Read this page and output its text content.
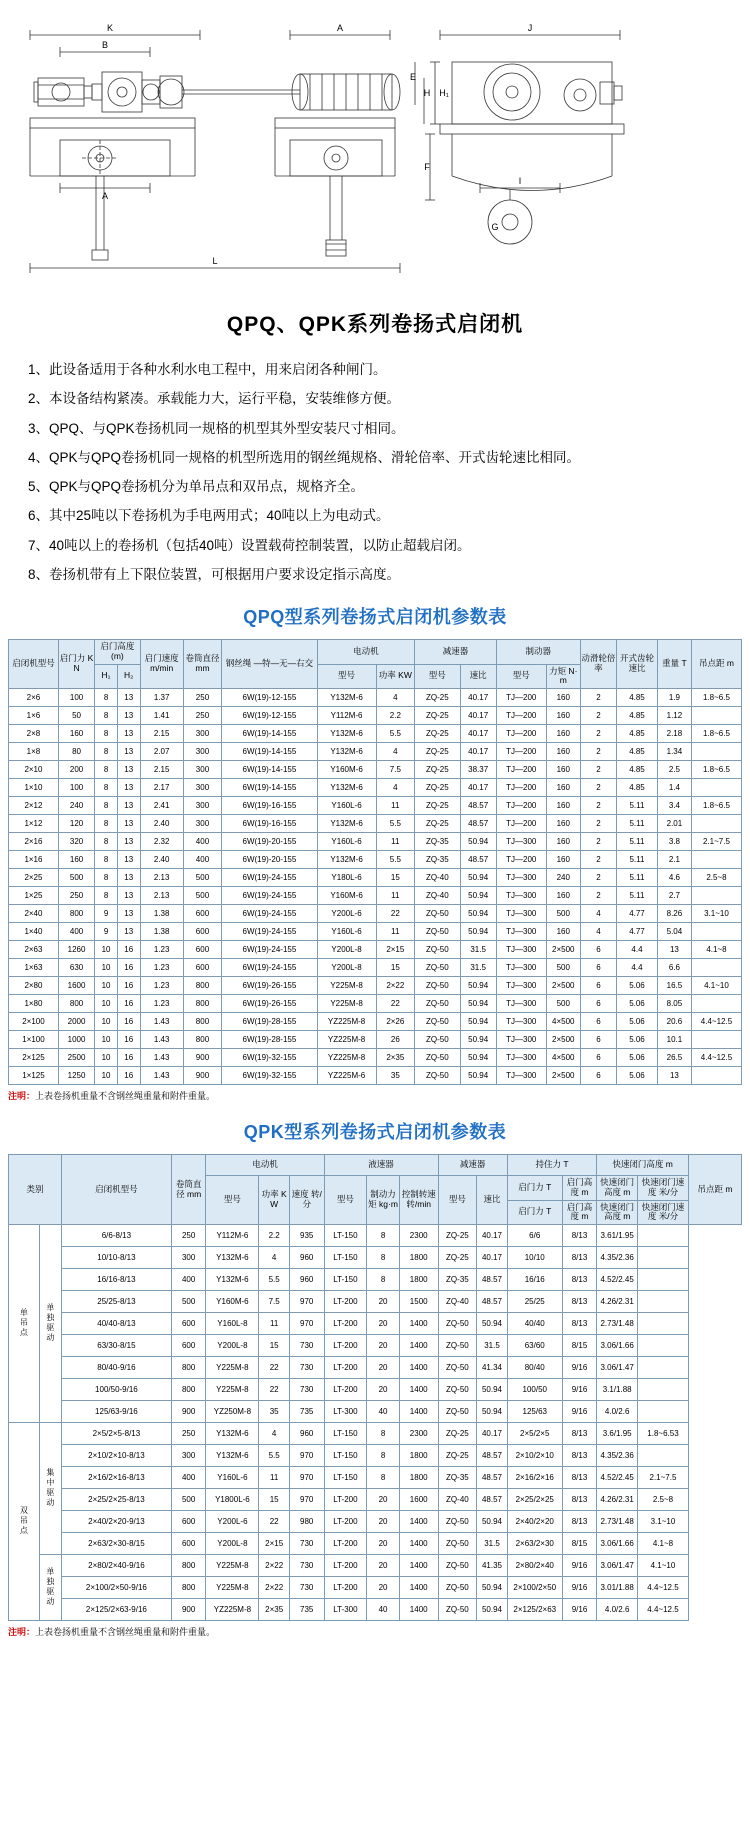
K
B
A
A
L
J
H H₁
E
F
G
I
QPQ、QPK系列卷扬式启闭机

1、此设备适用于各种水利水电工程中，用来启闭各种闸门。

2、本设备结构紧凑。承载能力大，运行平稳，安装维修方便。

3、QPQ、与QPK卷扬机同一规格的机型其外型安装尺寸相同。

4、QPK与QPQ卷扬机同一规格的机型所选用的钢丝绳规格、滑轮倍率、开式齿轮速比相同。

5、QPK与QPQ卷扬机分为单吊点和双吊点，规格齐全。

6、其中25吨以下卷扬机为手电两用式；40吨以上为电动式。

7、40吨以上的卷扬机（包括40吨）设置载荷控制装置，以防止超载启闭。

8、卷扬机带有上下限位装置，可根据用户要求设定指示高度。

QPQ型系列卷扬式启闭机参数表
启闭机型号	启门力 KN	启门高度 (m)		启门速度 m/min	卷筒直径 mm	钢丝绳 —特—无—右交	电动机		减速器		制动器		动滑轮倍率	开式齿轮速比	重量 T	吊点距 m
		H₁	H₂				型号	功率 KW	型号	速比	型号	力矩 N·m				
2×6	100	8	13	1.37	250	6W(19)-12-155	Y132M-6	4	ZQ-25	40.17	TJ—200	160	2	4.85	1.9	1.8~6.5
1×6	50	8	13	1.41	250	6W(19)-12-155	Y112M-6	2.2	ZQ-25	40.17	TJ—200	160	2	4.85	1.12	
2×8	160	8	13	2.15	300	6W(19)-14-155	Y132M-6	5.5	ZQ-25	40.17	TJ—200	160	2	4.85	2.18	1.8~6.5
1×8	80	8	13	2.07	300	6W(19)-14-155	Y132M-6	4	ZQ-25	40.17	TJ—200	160	2	4.85	1.34	
2×10	200	8	13	2.15	300	6W(19)-14-155	Y160M-6	7.5	ZQ-25	38.37	TJ—200	160	2	4.85	2.5	1.8~6.5
1×10	100	8	13	2.17	300	6W(19)-14-155	Y132M-6	4	ZQ-25	40.17	TJ—200	160	2	4.85	1.4	
2×12	240	8	13	2.41	300	6W(19)-16-155	Y160L-6	11	ZQ-25	48.57	TJ—200	160	2	5.11	3.4	1.8~6.5
1×12	120	8	13	2.40	300	6W(19)-16-155	Y132M-6	5.5	ZQ-25	48.57	TJ—200	160	2	5.11	2.01	
2×16	320	8	13	2.32	400	6W(19)-20-155	Y160L-6	11	ZQ-35	50.94	TJ—300	160	2	5.11	3.8	2.1~7.5
1×16	160	8	13	2.40	400	6W(19)-20-155	Y132M-6	5.5	ZQ-35	48.57	TJ—200	160	2	5.11	2.1	
2×25	500	8	13	2.13	500	6W(19)-24-155	Y180L-6	15	ZQ-40	50.94	TJ—300	240	2	5.11	4.6	2.5~8
1×25	250	8	13	2.13	500	6W(19)-24-155	Y160M-6	11	ZQ-40	50.94	TJ—300	160	2	5.11	2.7	
2×40	800	9	13	1.38	600	6W(19)-24-155	Y200L-6	22	ZQ-50	50.94	TJ—300	500	4	4.77	8.26	3.1~10
1×40	400	9	13	1.38	600	6W(19)-24-155	Y160L-6	11	ZQ-50	50.94	TJ—300	160	4	4.77	5.04	
2×63	1260	10	16	1.23	600	6W(19)-24-155	Y200L-8	2×15	ZQ-50	31.5	TJ—300	2×500	6	4.4	13	4.1~8
1×63	630	10	16	1.23	600	6W(19)-24-155	Y200L-8	15	ZQ-50	31.5	TJ—300	500	6	4.4	6.6	
2×80	1600	10	16	1.23	800	6W(19)-26-155	Y225M-8	2×22	ZQ-50	50.94	TJ—300	2×500	6	5.06	16.5	4.1~10
1×80	800	10	16	1.23	800	6W(19)-26-155	Y225M-8	22	ZQ-50	50.94	TJ—300	500	6	5.06	8.05	
2×100	2000	10	16	1.43	800	6W(19)-28-155	YZ225M-8	2×26	ZQ-50	50.94	TJ—300	4×500	6	5.06	20.6	4.4~12.5
1×100	1000	10	16	1.43	800	6W(19)-28-155	YZ225M-8	26	ZQ-50	50.94	TJ—300	2×500	6	5.06	10.1	
2×125	2500	10	16	1.43	900	6W(19)-32-155	YZ225M-8	2×35	ZQ-50	50.94	TJ—300	4×500	6	5.06	26.5	4.4~12.5
1×125	1250	10	16	1.43	900	6W(19)-32-155	YZ225M-6	35	ZQ-50	50.94	TJ—300	2×500	6	5.06	13	
注明：上表卷扬机重量不含钢丝绳重量和附件重量。
QPK型系列卷扬式启闭机参数表
类别		启闭机型号	卷筒直径 mm	电动机			液速器			减速器		持住力 T		快速闭门高度 m		吊点距 m
				型号	功率 KW	速度 转/分	型号	制动力矩 kg·m	控制转速 转/min	型号	速比	启门力 T	启门高度 m	快速闭门高度 m	快速闭门速度 米/分	
												启门力 T	启门高度 m	快速闭门高度 m	快速闭门速度 米/分	
单吊点	单独驱动	6/6-8/13	250	Y112M-6	2.2	935	LT-150	8	2300	ZQ-25	40.17	6/6	8/13	3.61/1.95		
		10/10-8/13	300	Y132M-6	4	960	LT-150	8	1800	ZQ-25	40.17	10/10	8/13	4.35/2.36		
		16/16-8/13	400	Y132M-6	5.5	960	LT-150	8	1800	ZQ-35	48.57	16/16	8/13	4.52/2.45		
		25/25-8/13	500	Y160M-6	7.5	970	LT-200	20	1500	ZQ-40	48.57	25/25	8/13	4.26/2.31		
		40/40-8/13	600	Y160L-8	11	970	LT-200	20	1400	ZQ-50	50.94	40/40	8/13	2.73/1.48		
		63/30-8/15	600	Y200L-8	15	730	LT-200	20	1400	ZQ-50	31.5	63/60	8/15	3.06/1.66		
		80/40-9/16	800	Y225M-8	22	730	LT-200	20	1400	ZQ-50	41.34	80/40	9/16	3.06/1.47		
		100/50-9/16	800	Y225M-8	22	730	LT-200	20	1400	ZQ-50	50.94	100/50	9/16	3.1/1.88		
		125/63-9/16	900	YZ250M-8	35	735	LT-300	40	1400	ZQ-50	50.94	125/63	9/16	4.0/2.6		
双吊点	集中驱动	2×5/2×5-8/13	250	Y132M-6	4	960	LT-150	8	2300	ZQ-25	40.17	2×5/2×5	8/13	3.6/1.95	1.8~6.53	
		2×10/2×10-8/13	300	Y132M-6	5.5	970	LT-150	8	1800	ZQ-25	48.57	2×10/2×10	8/13	4.35/2.36		
		2×16/2×16-8/13	400	Y160L-6	11	970	LT-150	8	1800	ZQ-35	48.57	2×16/2×16	8/13	4.52/2.45	2.1~7.5	
		2×25/2×25-8/13	500	Y1800L-6	15	970	LT-200	20	1600	ZQ-40	48.57	2×25/2×25	8/13	4.26/2.31	2.5~8	
		2×40/2×20-9/13	600	Y200L-6	22	980	LT-200	20	1400	ZQ-50	50.94	2×40/2×20	8/13	2.73/1.48	3.1~10	
		2×63/2×30-8/15	600	Y200L-8	2×15	730	LT-200	20	1400	ZQ-50	31.5	2×63/2×30	8/15	3.06/1.66	4.1~8	
	单独驱动	2×80/2×40-9/16	800	Y225M-8	2×22	730	LT-200	20	1400	ZQ-50	41.35	2×80/2×40	9/16	3.06/1.47	4.1~10	
		2×100/2×50-9/16	800	Y225M-8	2×22	730	LT-200	20	1400	ZQ-50	50.94	2×100/2×50	9/16	3.01/1.88	4.4~12.5	
		2×125/2×63-9/16	900	YZ225M-8	2×35	735	LT-300	40	1400	ZQ-50	50.94	2×125/2×63	9/16	4.0/2.6	4.4~12.5	
注明：上表卷扬机重量不含钢丝绳重量和附件重量。
